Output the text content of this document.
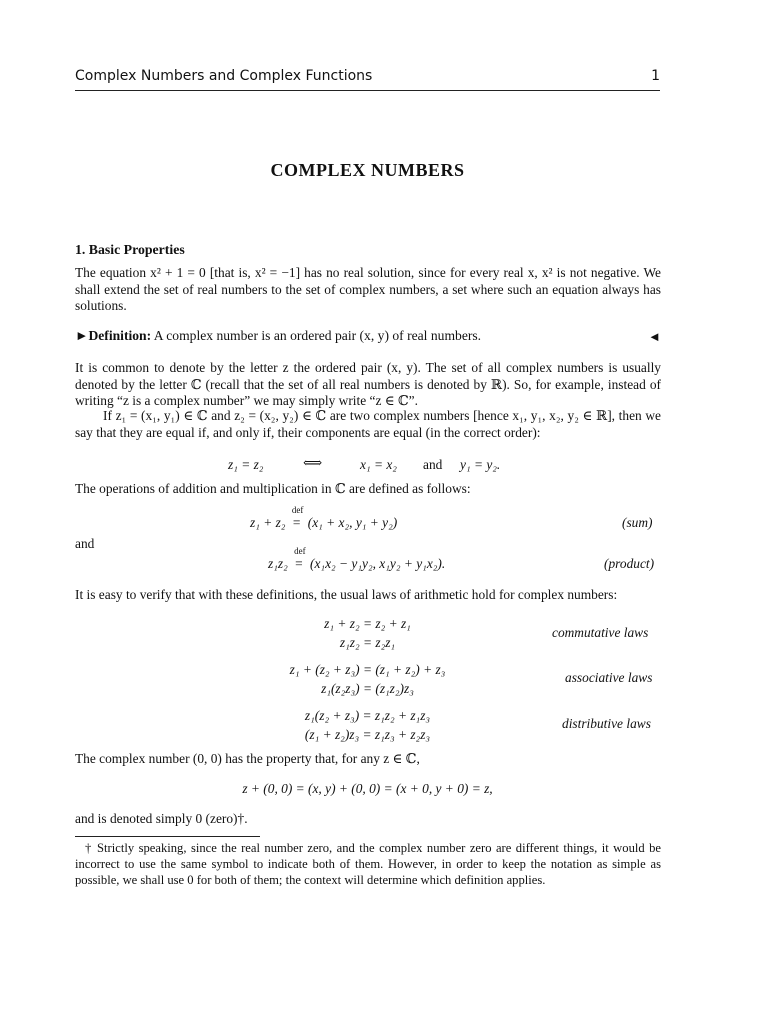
Complex Numbers and Complex Functions	1
COMPLEX NUMBERS
1. Basic Properties
The equation x² + 1 = 0 [that is, x² = −1] has no real solution, since for every real x, x² is not negative. We shall extend the set of real numbers to the set of complex numbers, a set where such an equation always has solutions.
►Definition: A complex number is an ordered pair (x, y) of real numbers.	◄
It is common to denote by the letter z the ordered pair (x, y). The set of all complex numbers is usually denoted by the letter ℂ (recall that the set of all real numbers is denoted by ℝ). So, for example, instead of writing “z is a complex number” we may simply write “z ∈ ℂ”.
If z₁ = (x₁, y₁) ∈ ℂ and z₂ = (x₂, y₂) ∈ ℂ are two complex numbers [hence x₁, y₁, x₂, y₂ ∈ ℝ], then we say that they are equal if, and only if, their components are equal (in the correct order):
z₁ = z₂	⟺	x₁ = x₂ and y₁ = y₂.
The operations of addition and multiplication in ℂ are defined as follows:
z₁ + z₂
def
= (x₁ + x₂, y₁ + y₂)	(sum)
and
z₁z₂
def
= (x₁x₂ − y₁y₂, x₁y₂ + y₁x₂).	(product)
It is easy to verify that with these definitions, the usual laws of arithmetic hold for complex numbers:
z₁ + z₂ = z₂ + z₁
z₁z₂ = z₂z₁
commutative laws
z₁ + (z₂ + z₃) = (z₁ + z₂) + z₃
z₁(z₂z₃) = (z₁z₂)z₃
associative laws
z₁(z₂ + z₃) = z₁z₂ + z₁z₃
(z₁ + z₂)z₃ = z₁z₃ + z₂z₃
distributive laws
The complex number (0, 0) has the property that, for any z ∈ ℂ,
z + (0, 0) = (x, y) + (0, 0) = (x + 0, y + 0) = z,
and is denoted simply 0 (zero)†.
† Strictly speaking, since the real number zero, and the complex number zero are different things, it would be incorrect to use the same symbol to indicate both of them. However, in order to keep the notation as simple as possible, we shall use 0 for both of them; the context will determine which definition applies.
